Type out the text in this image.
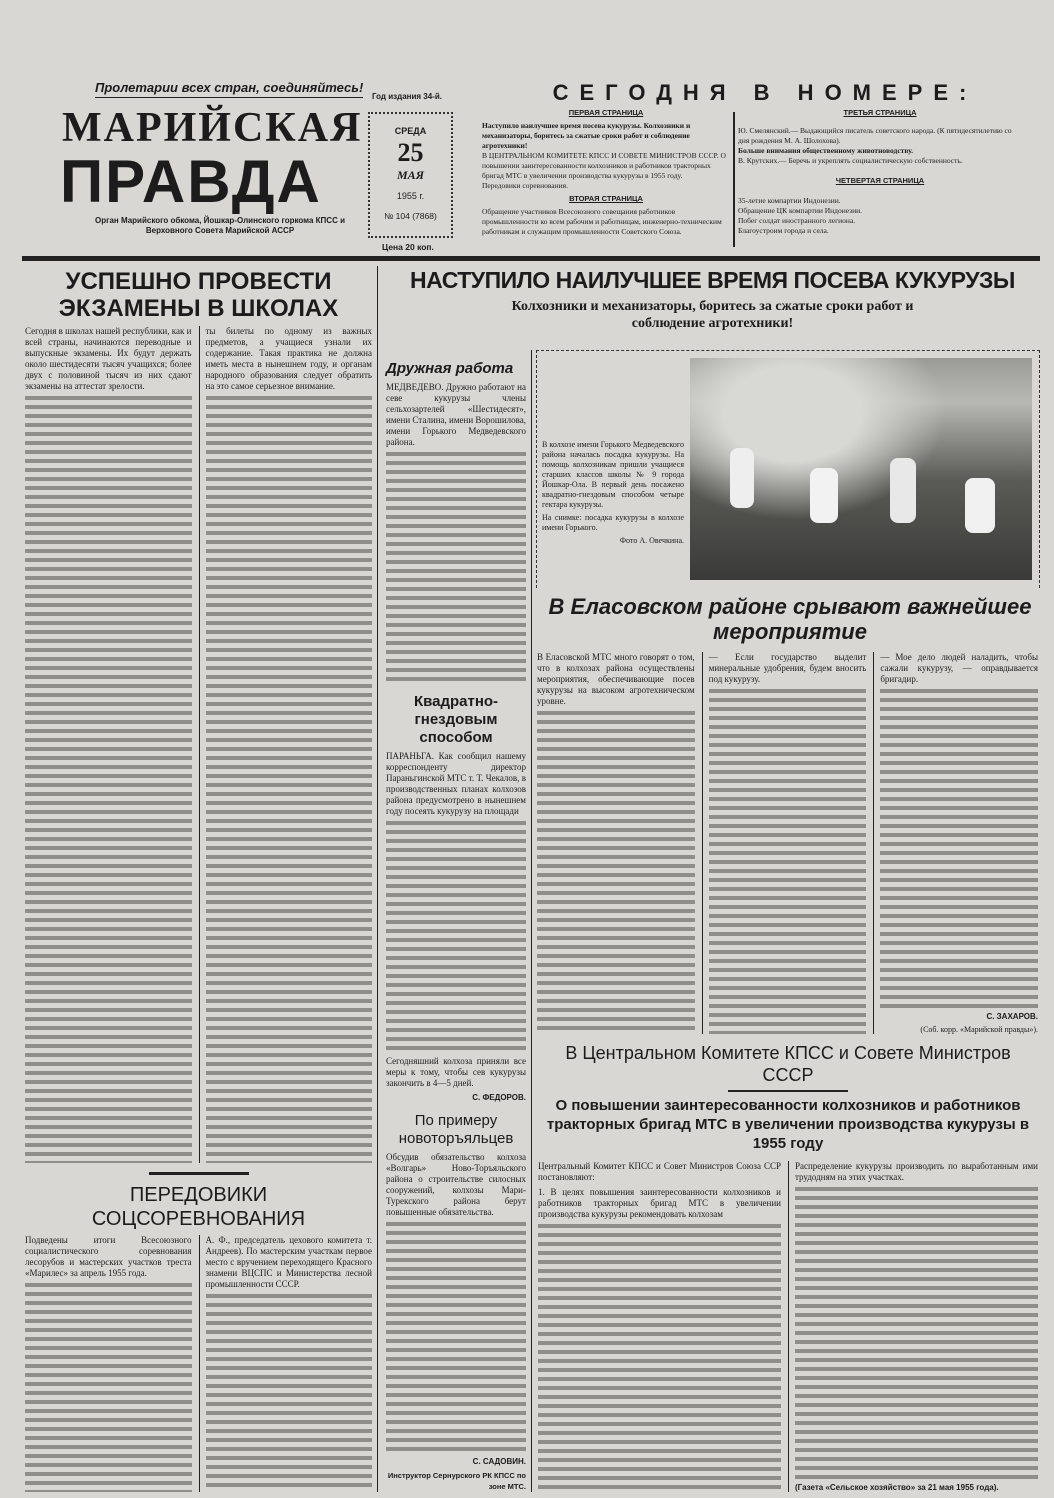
Пролетарии всех стран, соединяйтесь!
МАРИЙСКАЯ
ПРАВДА
Орган Марийского обкома, Йошкар-Олинского горкома КПСС и Верховного Совета Марийской АССР
Год издания 34-й.
СРЕДА
25
МАЯ
1955 г.
№ 104 (7868)
Цена 20 коп.
СЕГОДНЯ В НОМЕРЕ:
ПЕРВАЯ СТРАНИЦА
Наступило наилучшее время посева кукурузы. Колхозники и механизаторы, боритесь за сжатые сроки работ и соблюдение агротехники!
В ЦЕНТРАЛЬНОМ КОМИТЕТЕ КПСС И СОВЕТЕ МИНИСТРОВ СССР. О повышении заинтересованности колхозников и работников тракторных бригад МТС в увеличении производства кукурузы в 1955 году.
Передовики соревнования.
ВТОРАЯ СТРАНИЦА
Обращение участников Всесоюзного совещания работников промышленности ко всем рабочим и работницам, инженерно-техническим работникам и служащим промышленности Советского Союза.
ТРЕТЬЯ СТРАНИЦА
Ю. Смелянский.— Выдающийся писатель советского народа. (К пятидесятилетию со дня рождения М. А. Шолохова).
Больше внимания общественному животноводству.
В. Крутских.— Беречь и укреплять социалистическую собственность.
ЧЕТВЕРТАЯ СТРАНИЦА
35-летие компартии Индонезии.
Обращение ЦК компартии Индонезии.
Побег солдат иностранного легиона.
Благоустроим города и села.
УСПЕШНО ПРОВЕСТИ ЭКЗАМЕНЫ В ШКОЛАХ
Сегодня в школах нашей республики, как и всей страны, начинаются переводные и выпускные экзамены. Их будут держать около шестидесяти тысяч учащихся; более двух с половиной тысяч из них сдают экзамены на аттестат зрелости.
ты билеты по одному из важных предметов, а учащиеся узнали их содержание. Такая практика не должна иметь места в нынешнем году, и органам народного образования следует обратить на это самое серьезное внимание.
ПЕРЕДОВИКИ СОЦСОРЕВНОВАНИЯ
Подведены итоги Всесоюзного социалистического соревнования лесорубов и мастерских участков треста «Марилес» за апрель 1955 года.
А. Ф., председатель цехового комитета т. Андреев). По мастерским участкам первое место с вручением переходящего Красного знамени ВЦСПС и Министерства лесной промышленности СССР.
НАСТУПИЛО НАИЛУЧШЕЕ ВРЕМЯ ПОСЕВА КУКУРУЗЫ
Колхозники и механизаторы, боритесь за сжатые сроки работ и соблюдение агротехники!
Дружная работа
МЕДВЕДЕВО. Дружно работают на севе кукурузы члены сельхозартелей «Шестидесят», имени Сталина, имени Ворошилова, имени Горького Медведевского района.
Квадратно-гнездовым способом
ПАРАНЬГА. Как сообщил нашему корреспонденту директор Параньгинской МТС т. Т. Чекалов, в производственных планах колхозов района предусмотрено в нынешнем году посеять кукурузу на площади
Сегодняшний колхоза приняли все меры к тому, чтобы сев кукурузы закончить в 4—5 дней.
С. ФЕДОРОВ.
По примеру новоторъяльцев
Обсудив обязательство колхоза «Волгарь» Ново-Торъяльского района о строительстве силосных сооружений, колхозы Мари-Турекского района берут повышенные обязательства.
С. САДОВИН.
Инструктор Сернурского РК КПСС по зоне МТС.
В колхозе имени Горького Медведевского района началась посадка кукурузы. На помощь колхозникам пришли учащиеся старших классов школы № 9 города Йошкар-Ола. В первый день посажено квадратно-гнездовым способом четыре гектара кукурузы.
На снимке: посадка кукурузы в колхозе имени Горького.
Фото А. Овечкина.
В Еласовском районе срывают важнейшее мероприятие
В Еласовской МТС много говорят о том, что в колхозах района осуществлены мероприятия, обеспечивающие посев кукурузы на высоком агротехническом уровне.
— Если государство выделит минеральные удобрения, будем вносить под кукурузу.
— Мое дело людей наладить, чтобы сажали кукурузу, — оправдывается бригадир.
С. ЗАХАРОВ.
(Соб. корр. «Марийской правды»).
В Центральном Комитете КПСС и Совете Министров СССР
О повышении заинтересованности колхозников и работников тракторных бригад МТС в увеличении производства кукурузы в 1955 году
Центральный Комитет КПСС и Совет Министров Союза ССР постановляют:
1. В целях повышения заинтересованности колхозников и работников тракторных бригад МТС в увеличении производства кукурузы рекомендовать колхозам
Распределение кукурузы производить по выработанным ими трудодням на этих участках.
(Газета «Сельское хозяйство» за 21 мая 1955 года).
